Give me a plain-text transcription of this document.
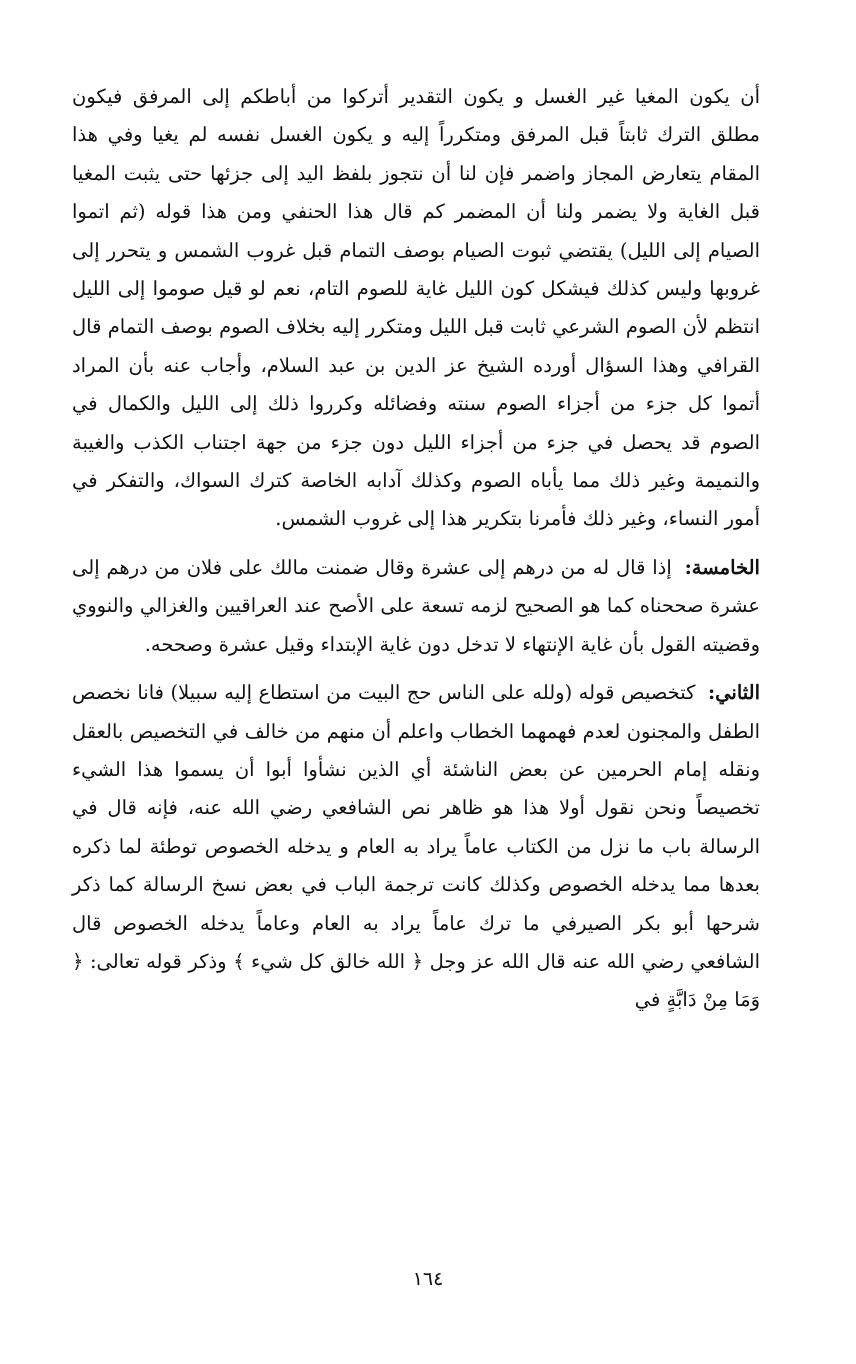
أن يكون المغيا غير الغسل و يكون التقدير أتركوا من أباطكم إلى المرفق فيكون مطلق الترك ثابتاً قبل المرفق ومتكرراً إليه و يكون الغسل نفسه لم يغيا وفي هذا المقام يتعارض المجاز واضمر فإن لنا أن نتجوز بلفظ اليد إلى جزئها حتى يثبت المغيا قبل الغاية ولا يضمر ولنا أن المضمر كم قال هذا الحنفي ومن هذا قوله (ثم اتموا الصيام إلى الليل) يقتضي ثبوت الصيام بوصف التمام قبل غروب الشمس و يتحرر إلى غروبها وليس كذلك فيشكل كون الليل غاية للصوم التام، نعم لو قيل صوموا إلى الليل انتظم لأن الصوم الشرعي ثابت قبل الليل ومتكرر إليه بخلاف الصوم بوصف التمام قال القرافي وهذا السؤال أورده الشيخ عز الدين بن عبد السلام، وأجاب عنه بأن المراد أتموا كل جزء من أجزاء الصوم سنته وفضائله وكرروا ذلك إلى الليل والكمال في الصوم قد يحصل في جزء من أجزاء الليل دون جزء من جهة اجتناب الكذب والغيبة والنميمة وغير ذلك مما يأباه الصوم وكذلك آدابه الخاصة كترك السواك، والتفكر في أمور النساء، وغير ذلك فأمرنا بتكرير هذا إلى غروب الشمس.

الخامسة: إذا قال له من درهم إلى عشرة وقال ضمنت مالك على فلان من درهم إلى عشرة صححناه كما هو الصحيح لزمه تسعة على الأصح عند العراقيين والغزالي والنووي وقضيته القول بأن غاية الإنتهاء لا تدخل دون غاية الإبتداء وقيل عشرة وصححه.

الثاني: كتخصيص قوله (ولله على الناس حج البيت من استطاع إليه سبيلا) فانا نخصص الطفل والمجنون لعدم فهمهما الخطاب واعلم أن منهم من خالف في التخصيص بالعقل ونقله إمام الحرمين عن بعض الناشئة أي الذين نشأوا أبوا أن يسموا هذا الشيء تخصيصاً ونحن نقول أولا هذا هو ظاهر نص الشافعي رضي الله عنه، فإنه قال في الرسالة باب ما نزل من الكتاب عاماً يراد به العام و يدخله الخصوص توطئة لما ذكره بعدها مما يدخله الخصوص وكذلك كانت ترجمة الباب في بعض نسخ الرسالة كما ذكر شرحها أبو بكر الصيرفي ما ترك عاماً يراد به العام وعاماً يدخله الخصوص قال الشافعي رضي الله عنه قال الله عز وجل ﴿ الله خالق كل شيء ﴾ وذكر قوله تعالى: ﴿ وَمَا مِنْ دَابَّةٍ في

١٦٤
